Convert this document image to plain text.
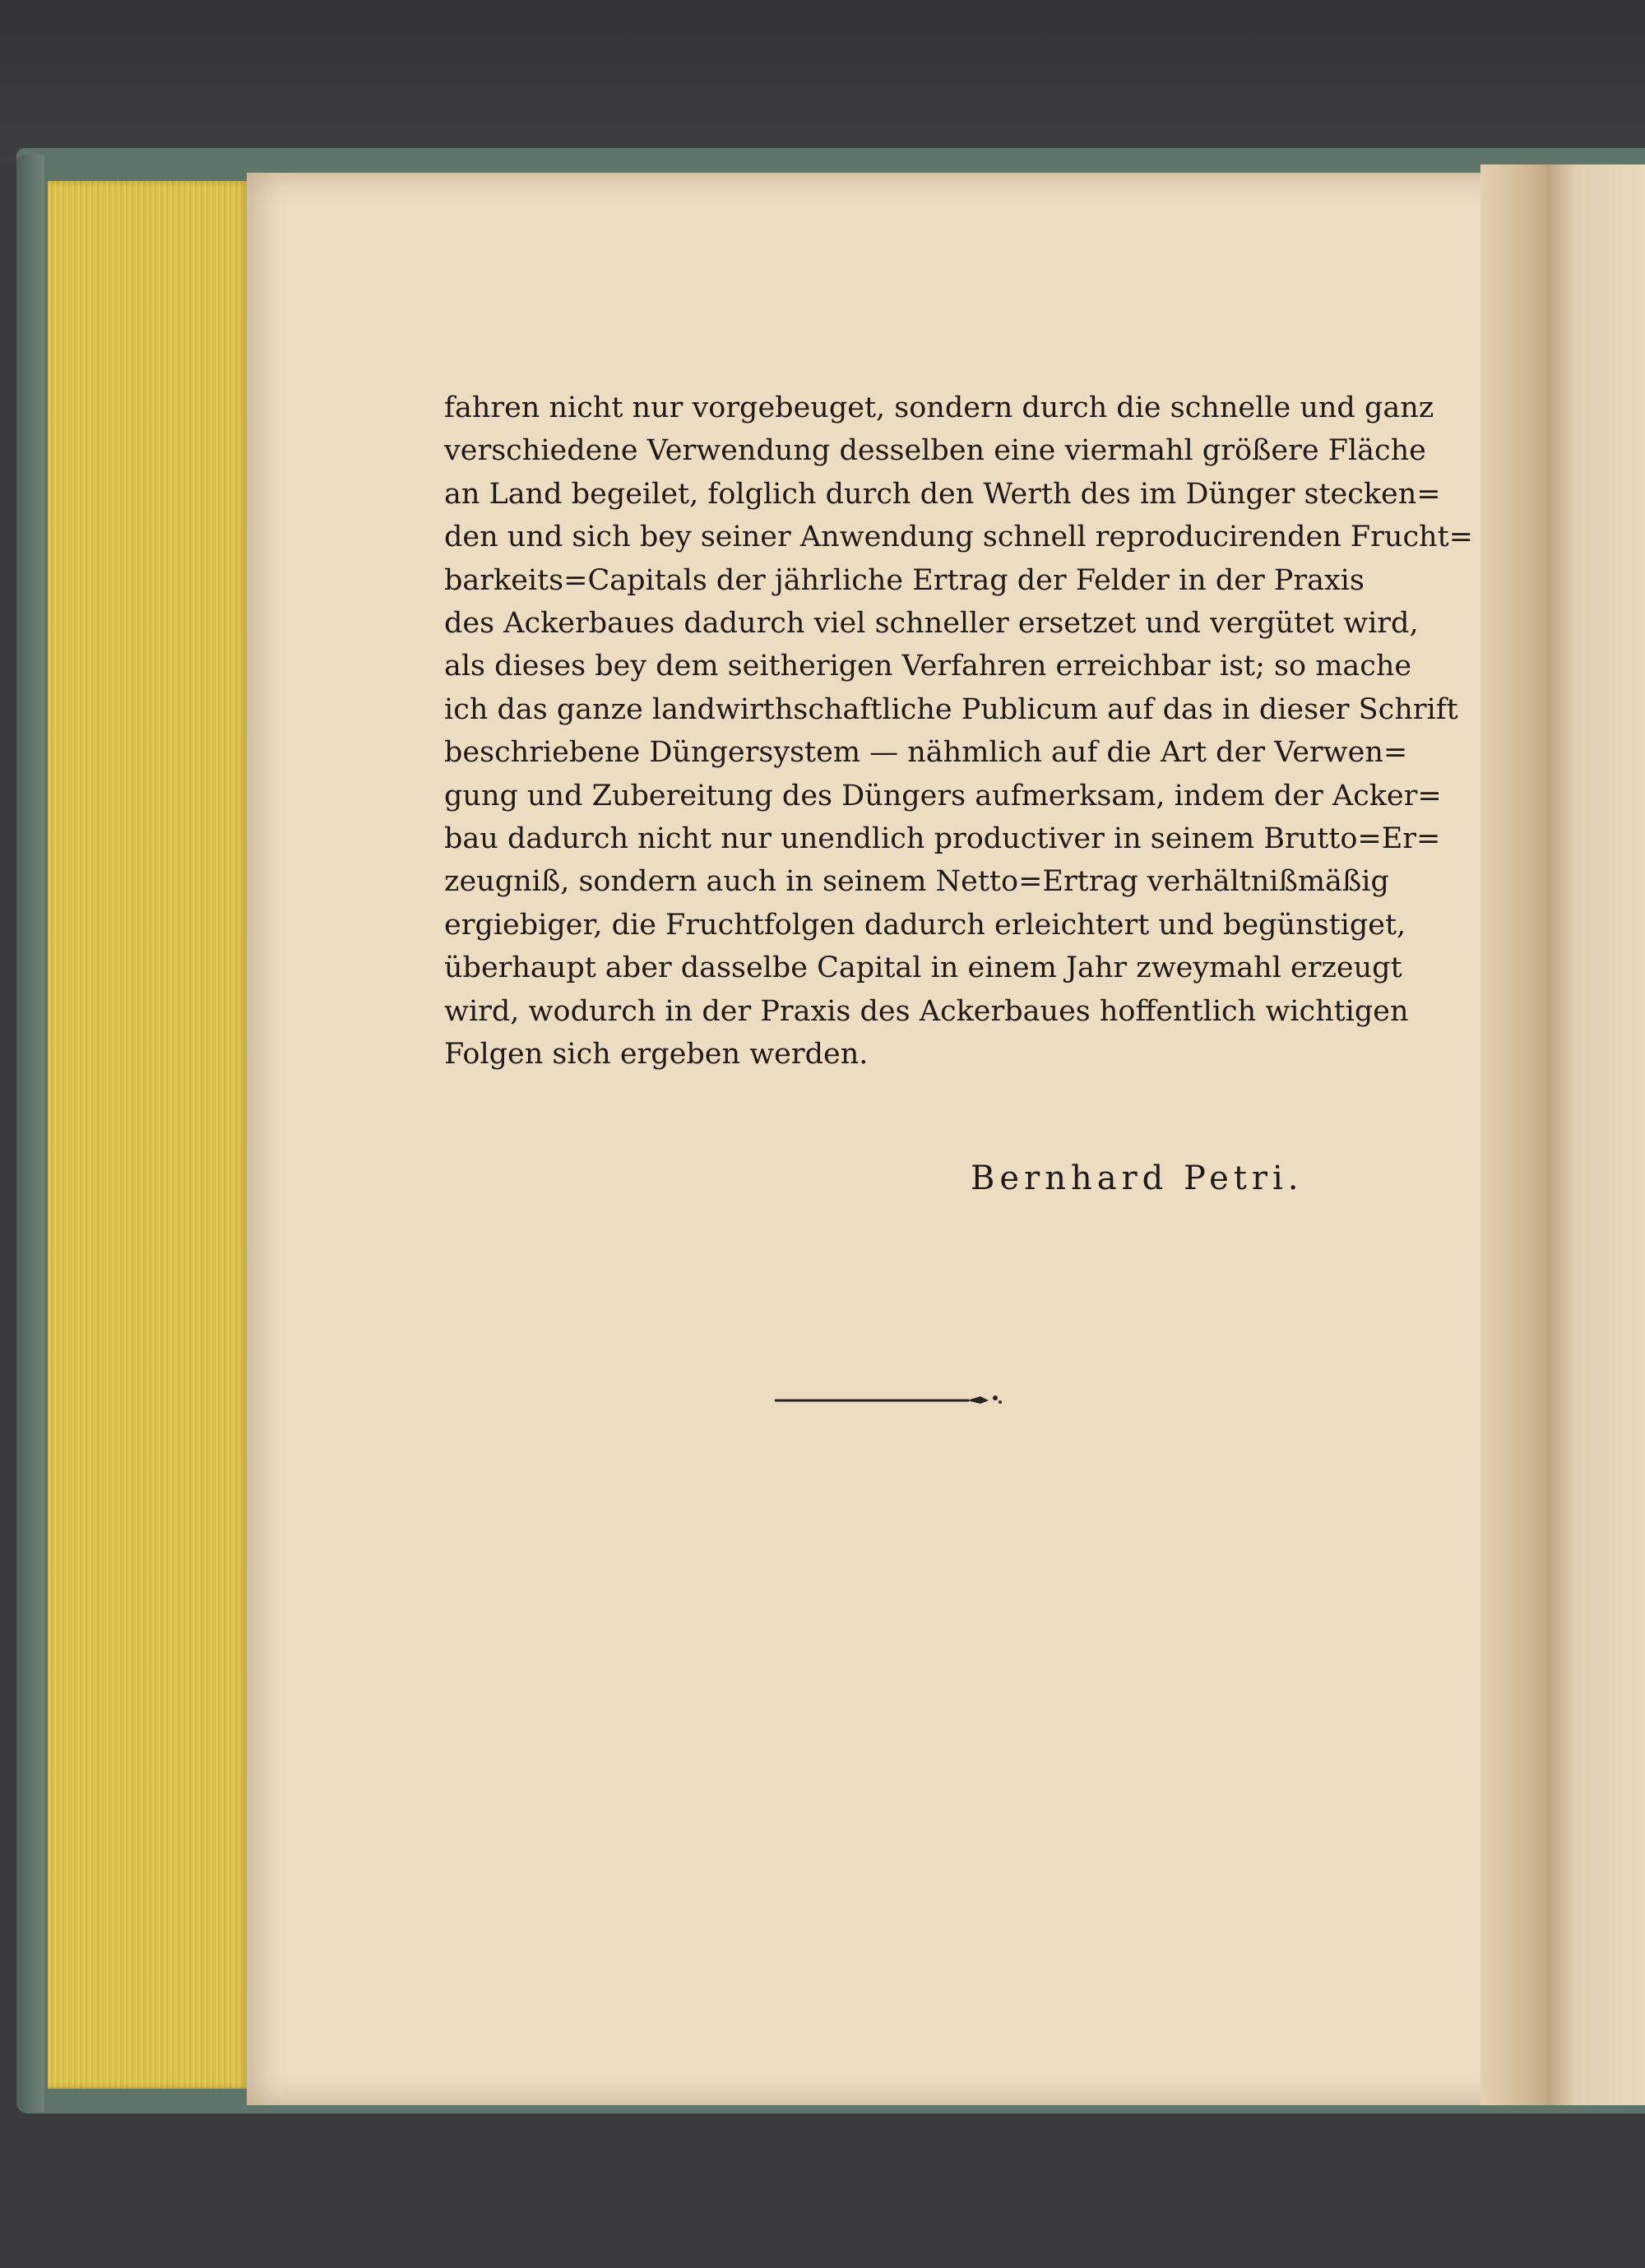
fahren nicht nur vorgebeuget, sondern durch die schnelle und ganz
verschiedene Verwendung desselben eine viermahl größere Fläche
an Land begeilet, folglich durch den Werth des im Dünger stecken=
den und sich bey seiner Anwendung schnell reproducirenden Frucht=
barkeits=Capitals der jährliche Ertrag der Felder in der Praxis
des Ackerbaues dadurch viel schneller ersetzet und vergütet wird,
als dieses bey dem seitherigen Verfahren erreichbar ist; so mache
ich das ganze landwirthschaftliche Publicum auf das in dieser Schrift
beschriebene Düngersystem — nähmlich auf die Art der Verwen=
gung und Zubereitung des Düngers aufmerksam, indem der Acker=
bau dadurch nicht nur unendlich productiver in seinem Brutto=Er=
zeugniß, sondern auch in seinem Netto=Ertrag verhältnißmäßig
ergiebiger, die Fruchtfolgen dadurch erleichtert und begünstiget,
überhaupt aber dasselbe Capital in einem Jahr zweymahl erzeugt
wird, wodurch in der Praxis des Ackerbaues hoffentlich wichtigen
Folgen sich ergeben werden.
Bernhard Petri.
